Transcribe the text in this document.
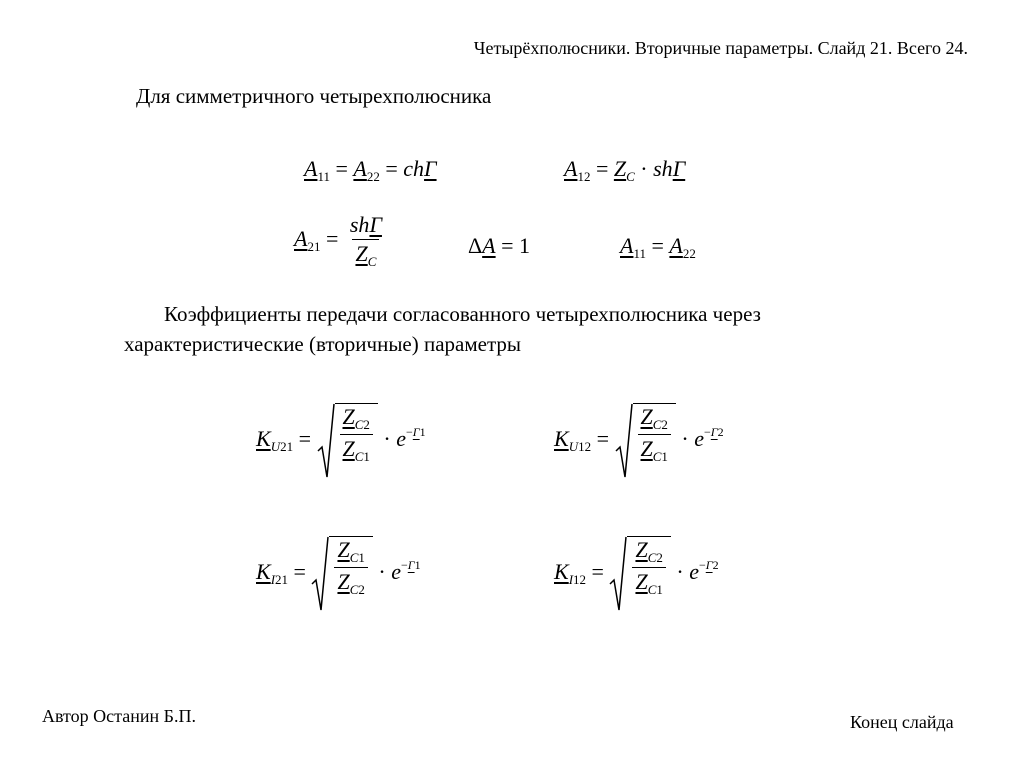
Четырёхполюсники. Вторичные параметры. Слайд 21. Всего 24.
Для симметричного четырехполюсника
$A_{11} = A_{22} = ch\Gamma$	$A_{12} = Z_C \cdot sh\Gamma$
$A_{21} = \frac{\text{shΓ}}{Z_C}$	ΔA = 1	$A_{11} = A_{22}$
Коэффициенты передачи согласованного четырехполюсника через
характеристические (вторичные) параметры
$K_{U21} = \frac{Z_{C2}}{Z_{C1}} \cdot e^{-\Gamma 1}$	$K_{U12} = \frac{Z_{C2}}{Z_{C1}} \cdot e^{-\Gamma 2}$
$K_{I21} = \frac{Z_{C1}}{Z_{C2}} \cdot e^{-\Gamma 1}$	$K_{I12} = \frac{Z_{C2}}{Z_{C1}} \cdot e^{-\Gamma 2}$
Автор Останин Б.П.	Конец слайда
